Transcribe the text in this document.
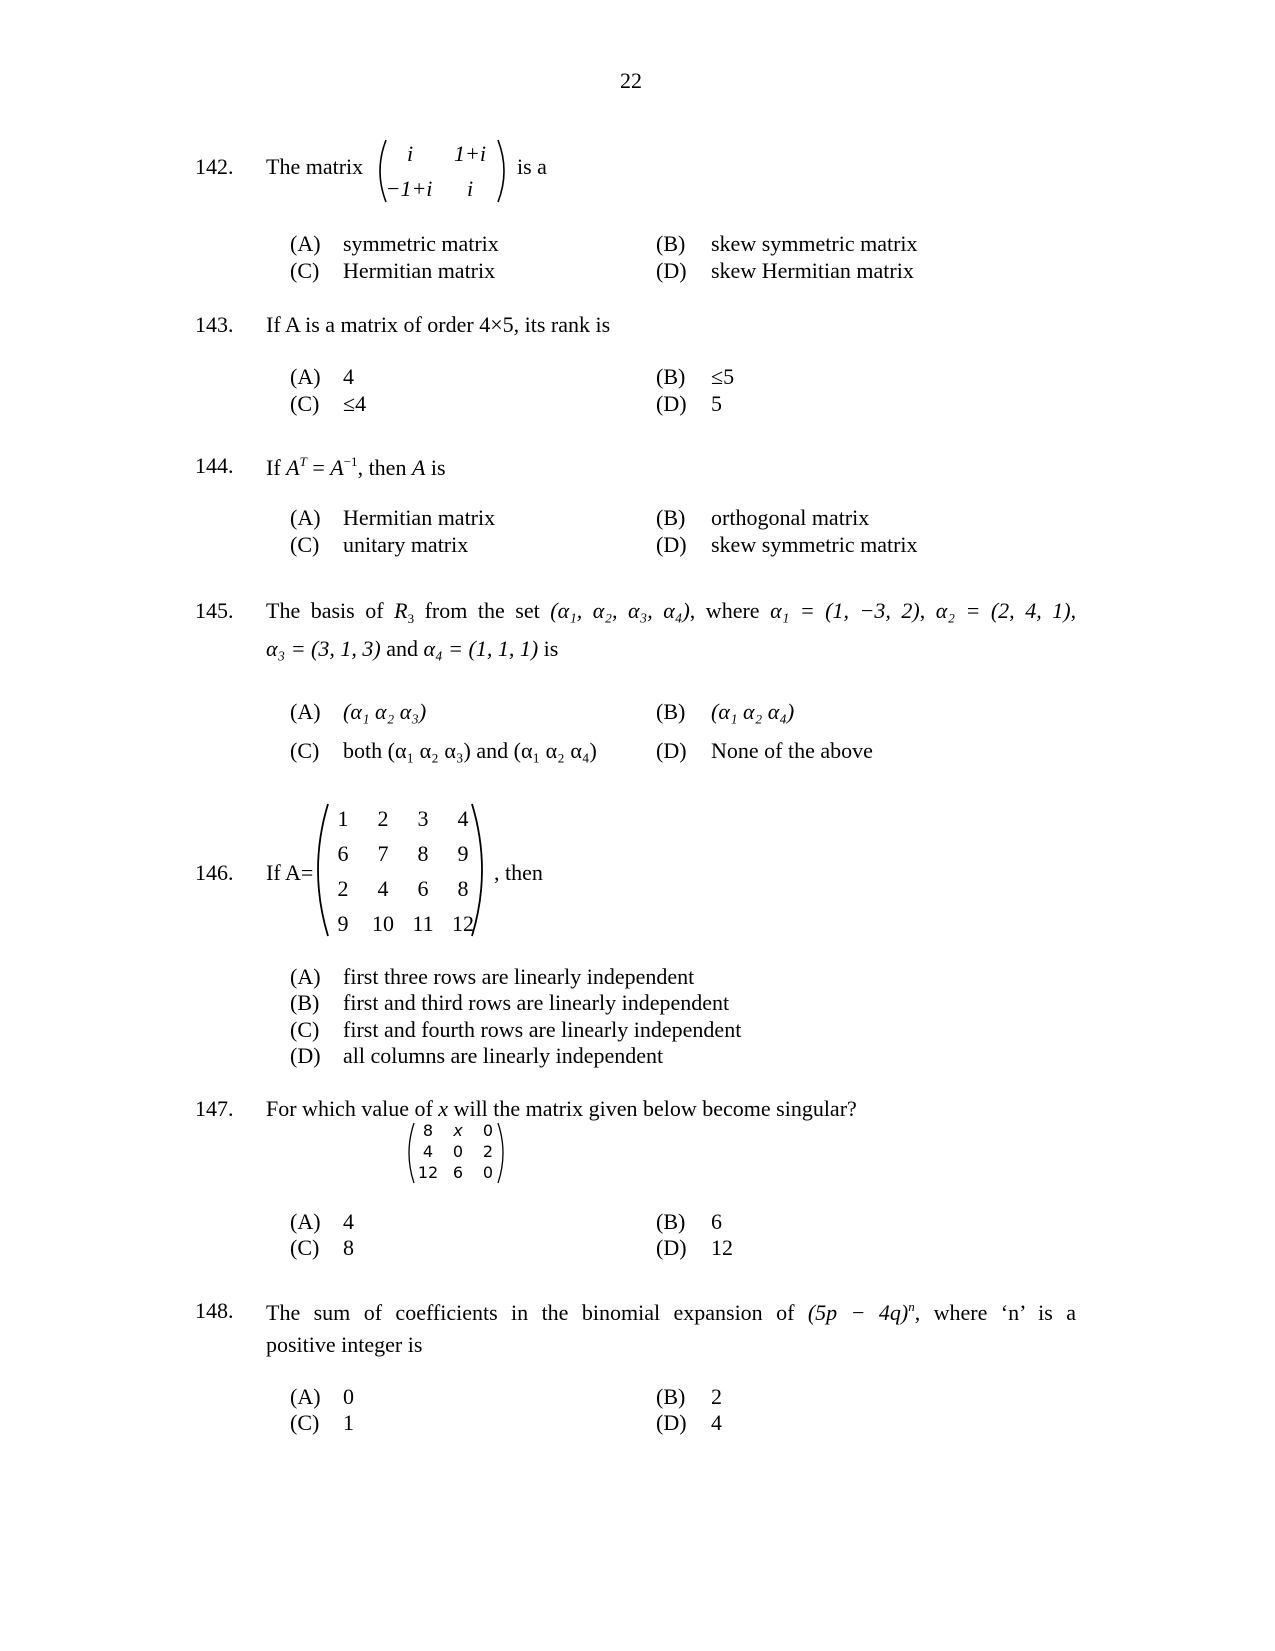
22
142. The matrix
i	1+i
−1+i	i
is a
(A) symmetric matrix	(B) skew symmetric matrix
(C) Hermitian matrix	(D) skew Hermitian matrix
143. If A is a matrix of order 4×5, its rank is
(A) 4	(B) ≤5
(C) ≤4	(D) 5
144. If $A^T = A^{-1}$, then A is
(A) Hermitian matrix	(B) orthogonal matrix
(C) unitary matrix	(D) skew symmetric matrix
145. The basis of $R_3$ from the set (α₁, α₂, α₃, α₄), where α₁ = (1, −3, 2), α₂ = (2, 4, 1),
α₃ = (3, 1, 3) and α₄ = (1, 1, 1) is
(A) (α₁ α₂ α₃)	(B) (α₁ α₂ α₄)
(C) both (α₁ α₂ α₃) and (α₁ α₂ α₄)	(D) None of the above
146. If A=
1	2	3	4
6	7	8	9
2	4	6	8
9	10 11 12
, then
(A) first three rows are linearly independent
(B) first and third rows are linearly independent
(C) first and fourth rows are linearly independent
(D) all columns are linearly independent
147. For which value of x will the matrix given below become singular?
8	x	0
4	0	2
12 6	0
(A) 4	(B) 6
(C) 8	(D) 12
148. The sum of coefficients in the binomial expansion of $(5p - 4q)^n$, where ‘n’ is a
positive integer is
(A) 0	(B) 2
(C) 1	(D) 4
